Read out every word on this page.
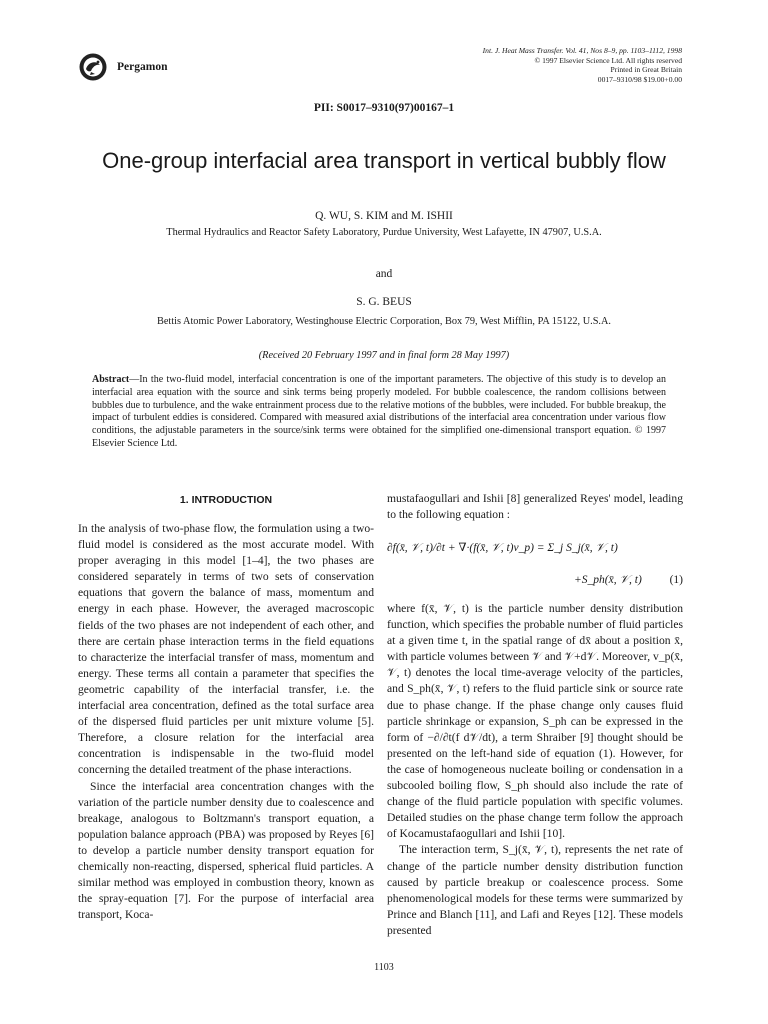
Pergamon
Int. J. Heat Mass Transfer. Vol. 41, Nos 8–9, pp. 1103–1112, 1998
© 1997 Elsevier Science Ltd. All rights reserved
Printed in Great Britain
0017–9310/98 $19.00+0.00
PII: S0017–9310(97)00167–1
One-group interfacial area transport in vertical bubbly flow
Q. WU, S. KIM and M. ISHII
Thermal Hydraulics and Reactor Safety Laboratory, Purdue University, West Lafayette, IN 47907, U.S.A.
and
S. G. BEUS
Bettis Atomic Power Laboratory, Westinghouse Electric Corporation, Box 79, West Mifflin, PA 15122, U.S.A.
(Received 20 February 1997 and in final form 28 May 1997)
Abstract—In the two-fluid model, interfacial concentration is one of the important parameters. The objective of this study is to develop an interfacial area equation with the source and sink terms being properly modeled. For bubble coalescence, the random collisions between bubbles due to turbulence, and the wake entrainment process due to the relative motions of the bubbles, were included. For bubble breakup, the impact of turbulent eddies is considered. Compared with measured axial distributions of the interfacial area concentration under various flow conditions, the adjustable parameters in the source/sink terms were obtained for the simplified one-dimensional transport equation. © 1997 Elsevier Science Ltd.
1. INTRODUCTION

In the analysis of two-phase flow, the formulation using a two-fluid model is considered as the most accurate model. With proper averaging in this model [1–4], the two phases are considered separately in terms of two sets of conservation equations that govern the balance of mass, momentum and energy in each phase. However, the averaged macroscopic fields of the two phases are not independent of each other, and there are certain phase interaction terms in the field equations to characterize the interfacial transfer of mass, momentum and energy. These terms all contain a parameter that specifies the geometric capability of the interfacial transfer, i.e. the interfacial area concentration, defined as the total surface area of the dispersed fluid particles per unit mixture volume [5]. Therefore, a closure relation for the interfacial area concentration is indispensable in the two-fluid model concerning the detailed treatment of the phase interactions.

Since the interfacial area concentration changes with the variation of the particle number density due to coalescence and breakage, analogous to Boltzmann's transport equation, a population balance approach (PBA) was proposed by Reyes [6] to develop a particle number density transport equation for chemically non-reacting, dispersed, spherical fluid particles. A similar method was employed in combustion theory, known as the spray-equation [7]. For the purpose of interfacial area transport, Koca-

mustafaogullari and Ishii [8] generalized Reyes' model, leading to the following equation :

∂f(x̄, 𝒱, t)/∂t + ∇·(f(x̄, 𝒱, t)v_p) = Σ_j S_j(x̄, 𝒱, t)
+S_ph(x̄, 𝒱, t) (1)

where f(x̄, 𝒱, t) is the particle number density distribution function, which specifies the probable number of fluid particles at a given time t, in the spatial range of dx̄ about a position x̄, with particle volumes between 𝒱 and 𝒱+d𝒱. Moreover, v_p(x̄, 𝒱, t) denotes the local time-average velocity of the particles, and S_ph(x̄, 𝒱, t) refers to the fluid particle sink or source rate due to phase change. If the phase change only causes fluid particle shrinkage or expansion, S_ph can be expressed in the form of −∂/∂t(f d𝒱/dt), a term Shraiber [9] thought should be presented on the left-hand side of equation (1). However, for the case of homogeneous nucleate boiling or condensation in a subcooled boiling flow, S_ph should also include the rate of change of the fluid particle population with specific volumes. Detailed studies on the phase change term follow the approach of Kocamustafaogullari and Ishii [10].

The interaction term, S_j(x̄, 𝒱, t), represents the net rate of change of the particle number density distribution function caused by particle breakup or coalescence process. Some phenomenological models for these terms were summarized by Prince and Blanch [11], and Lafi and Reyes [12]. These models presented

1103
